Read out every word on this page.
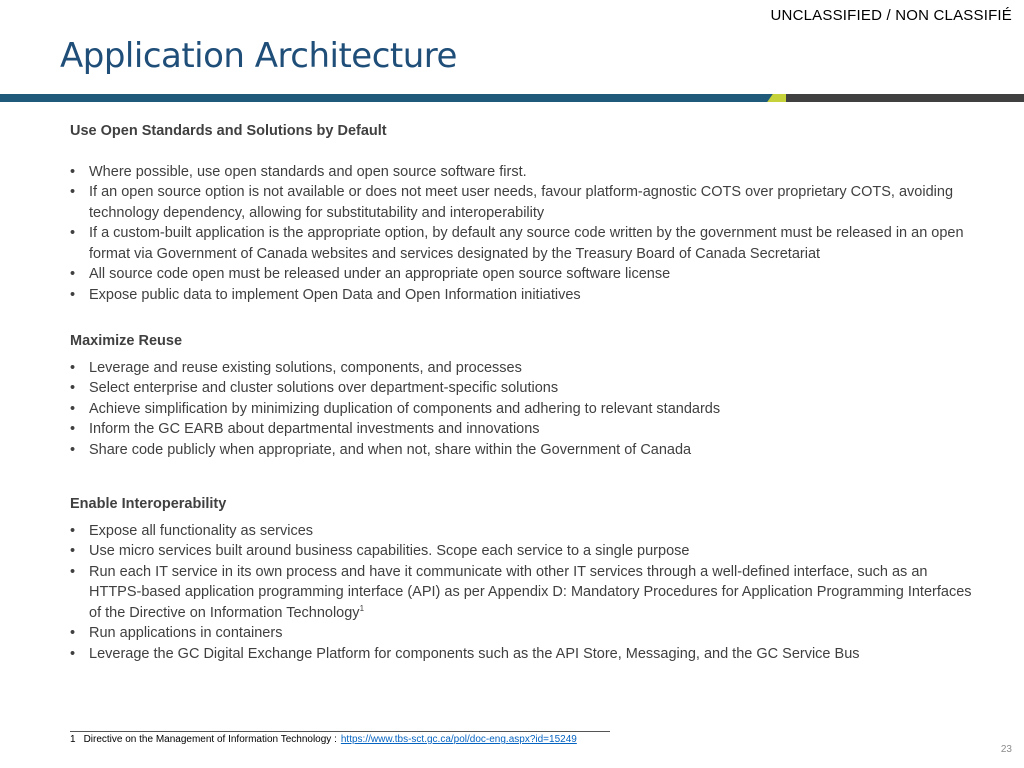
UNCLASSIFIED / NON CLASSIFIÉ
Application Architecture

Use Open Standards and Solutions by Default

• Where possible, use open standards and open source software first.
• If an open source option is not available or does not meet user needs, favour platform-agnostic COTS over proprietary COTS, avoiding technology dependency, allowing for substitutability and interoperability
• If a custom-built application is the appropriate option, by default any source code written by the government must be released in an open format via Government of Canada websites and services designated by the Treasury Board of Canada Secretariat
• All source code open must be released under an appropriate open source software license
• Expose public data to implement Open Data and Open Information initiatives

Maximize Reuse

• Leverage and reuse existing solutions, components, and processes
• Select enterprise and cluster solutions over department-specific solutions
• Achieve simplification by minimizing duplication of components and adhering to relevant standards
• Inform the GC EARB about departmental investments and innovations
• Share code publicly when appropriate, and when not, share within the Government of Canada

Enable Interoperability

• Expose all functionality as services
• Use micro services built around business capabilities. Scope each service to a single purpose
• Run each IT service in its own process and have it communicate with other IT services through a well-defined interface, such as an HTTPS-based application programming interface (API) as per Appendix D: Mandatory Procedures for Application Programming Interfaces of the Directive on Information Technology$^1$
• Run applications in containers
• Leverage the GC Digital Exchange Platform for components such as the API Store, Messaging, and the GC Service Bus
1 Directive on the Management of Information Technology : https://www.tbs-sct.gc.ca/pol/doc-eng.aspx?id=15249
23
